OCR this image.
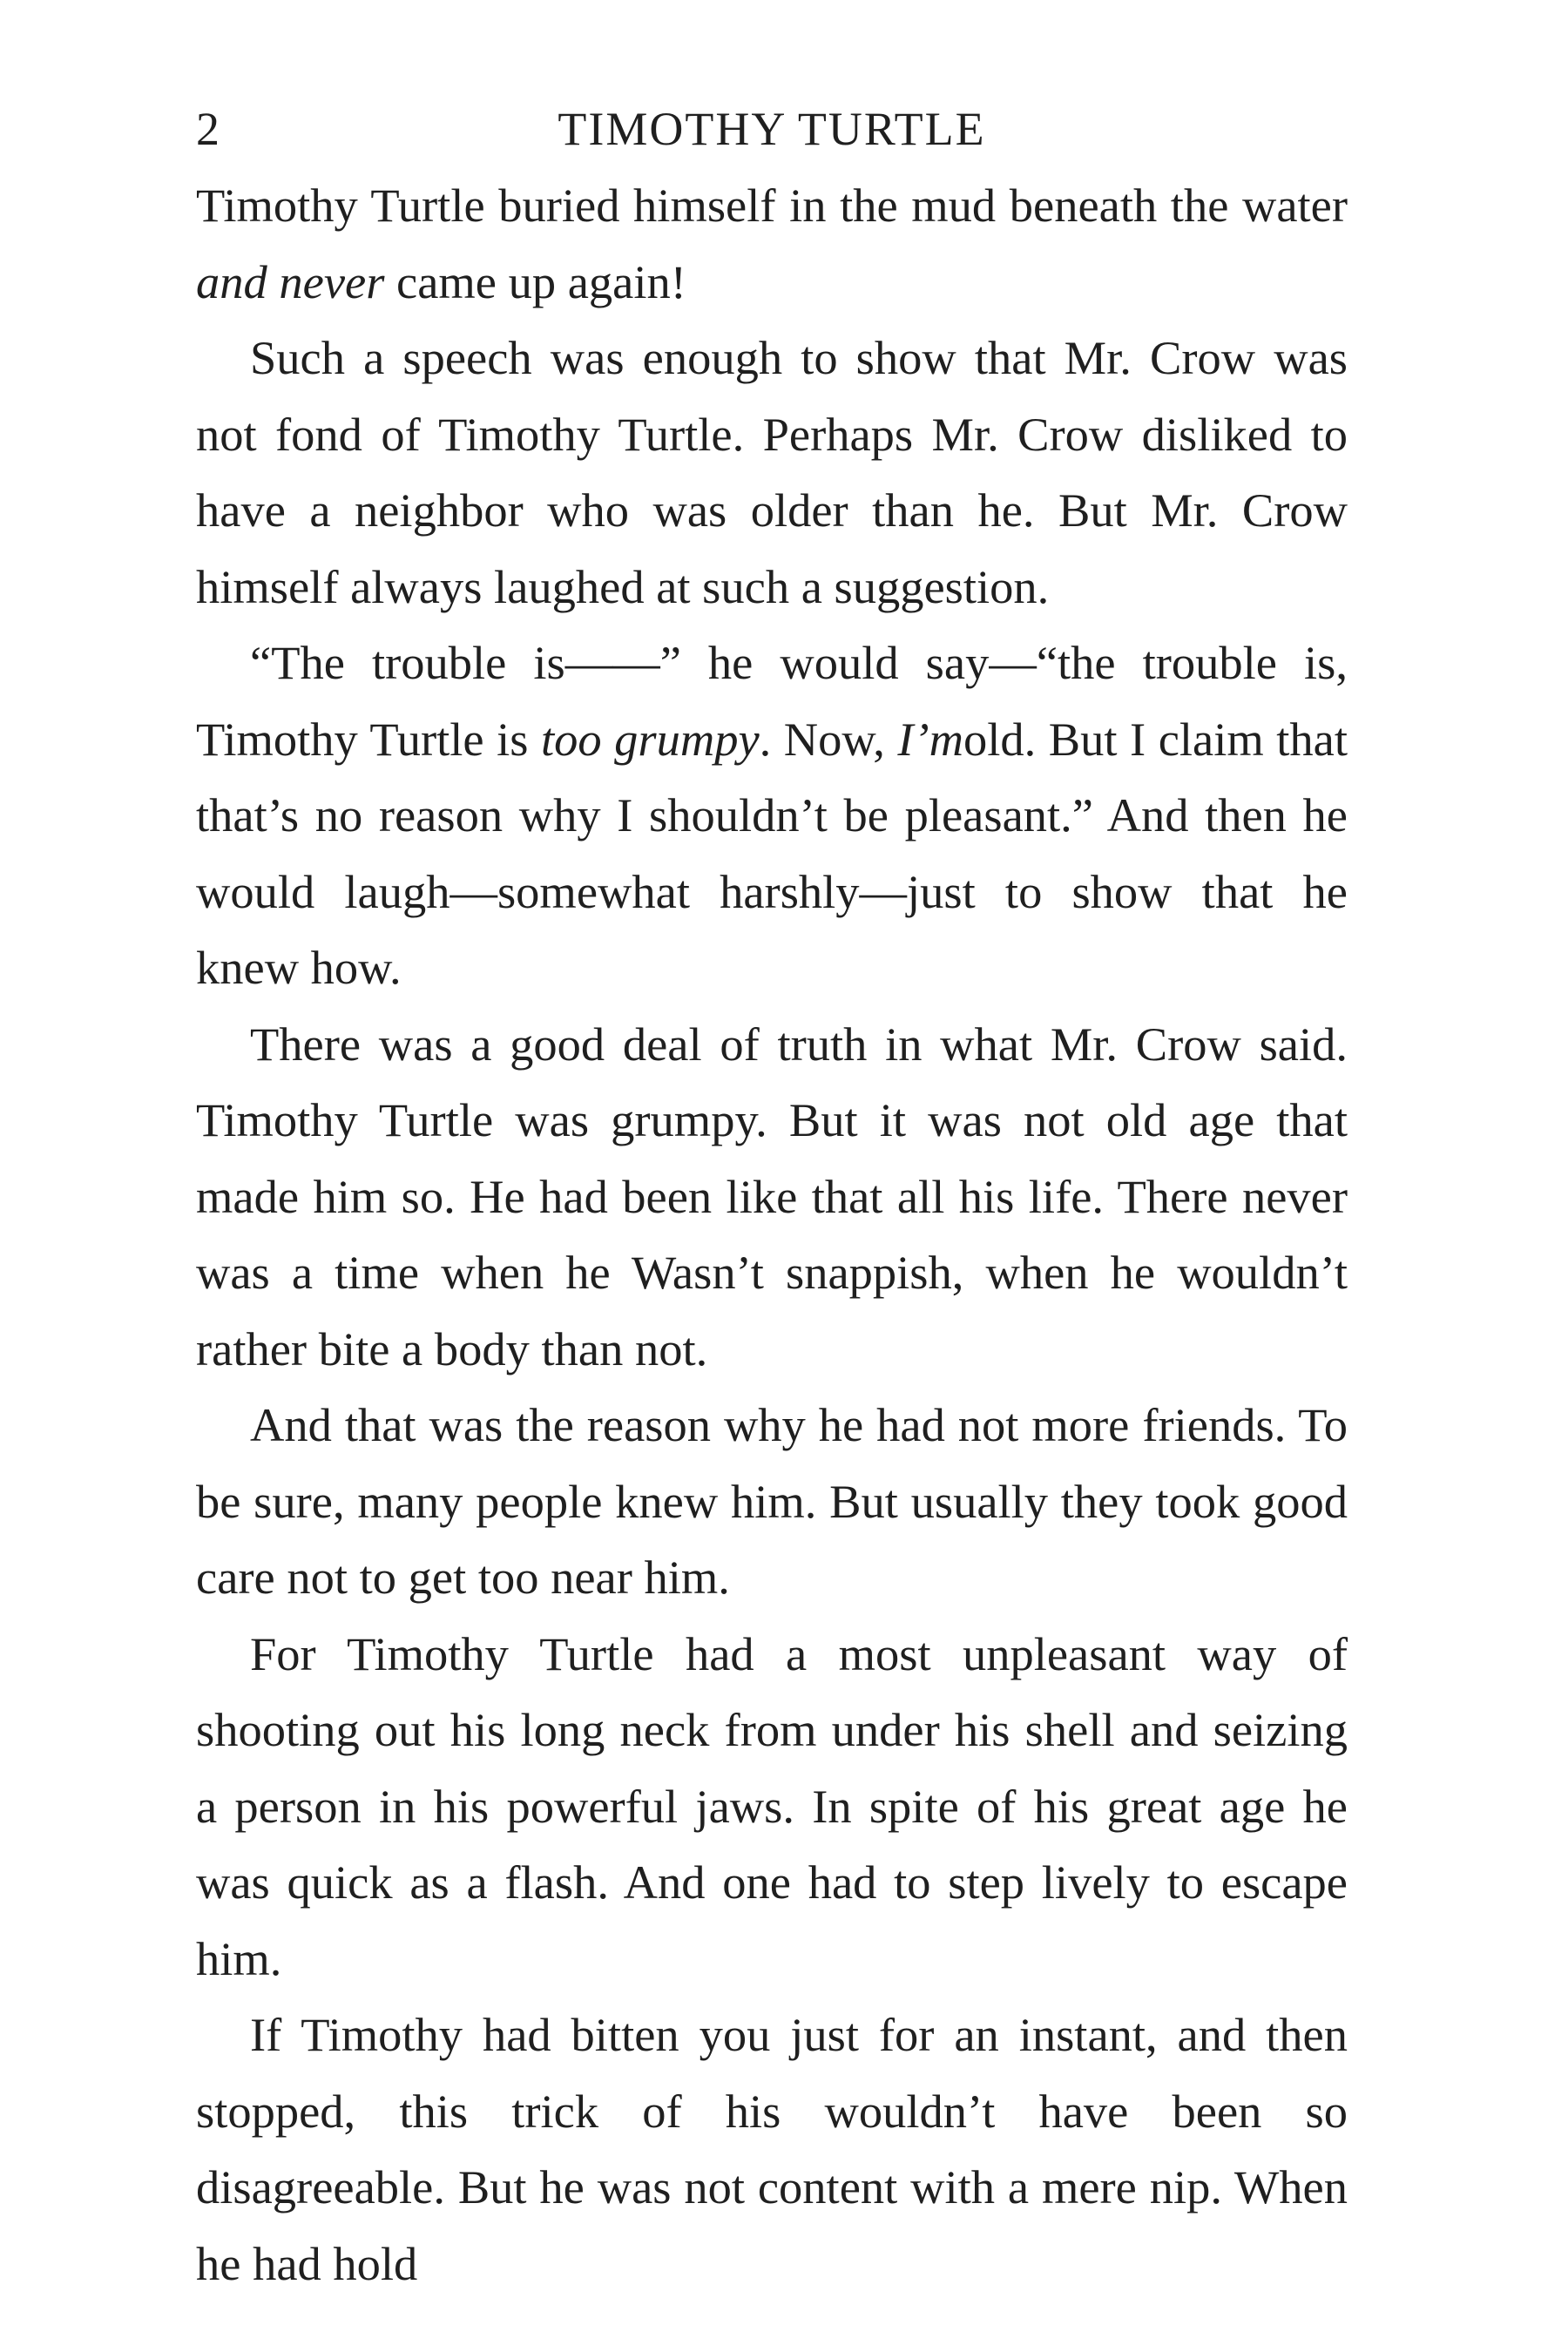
2	TIMOTHY TURTLE

Timothy Turtle buried himself in the mud beneath the water and never came up again!

Such a speech was enough to show that Mr. Crow was not fond of Timothy Turtle. Perhaps Mr. Crow disliked to have a neighbor who was older than he. But Mr. Crow himself always laughed at such a suggestion.

“The trouble is——” he would say—“the trouble is, Timothy Turtle is too grumpy. Now, I’mold. But I claim that that’s no reason why I shouldn’t be pleasant.” And then he would laugh—somewhat harshly—just to show that he knew how.

There was a good deal of truth in what Mr. Crow said. Timothy Turtle was grumpy. But it was not old age that made him so. He had been like that all his life. There never was a time when he Wasn’t snappish, when he wouldn’t rather bite a body than not.

And that was the reason why he had not more friends. To be sure, many people knew him. But usually they took good care not to get too near him.

For Timothy Turtle had a most unpleasant way of shooting out his long neck from under his shell and seizing a person in his powerful jaws. In spite of his great age he was quick as a flash. And one had to step lively to escape him.

If Timothy had bitten you just for an instant, and then stopped, this trick of his wouldn’t have been so disagreeable. But he was not content with a mere nip. When he had hold
